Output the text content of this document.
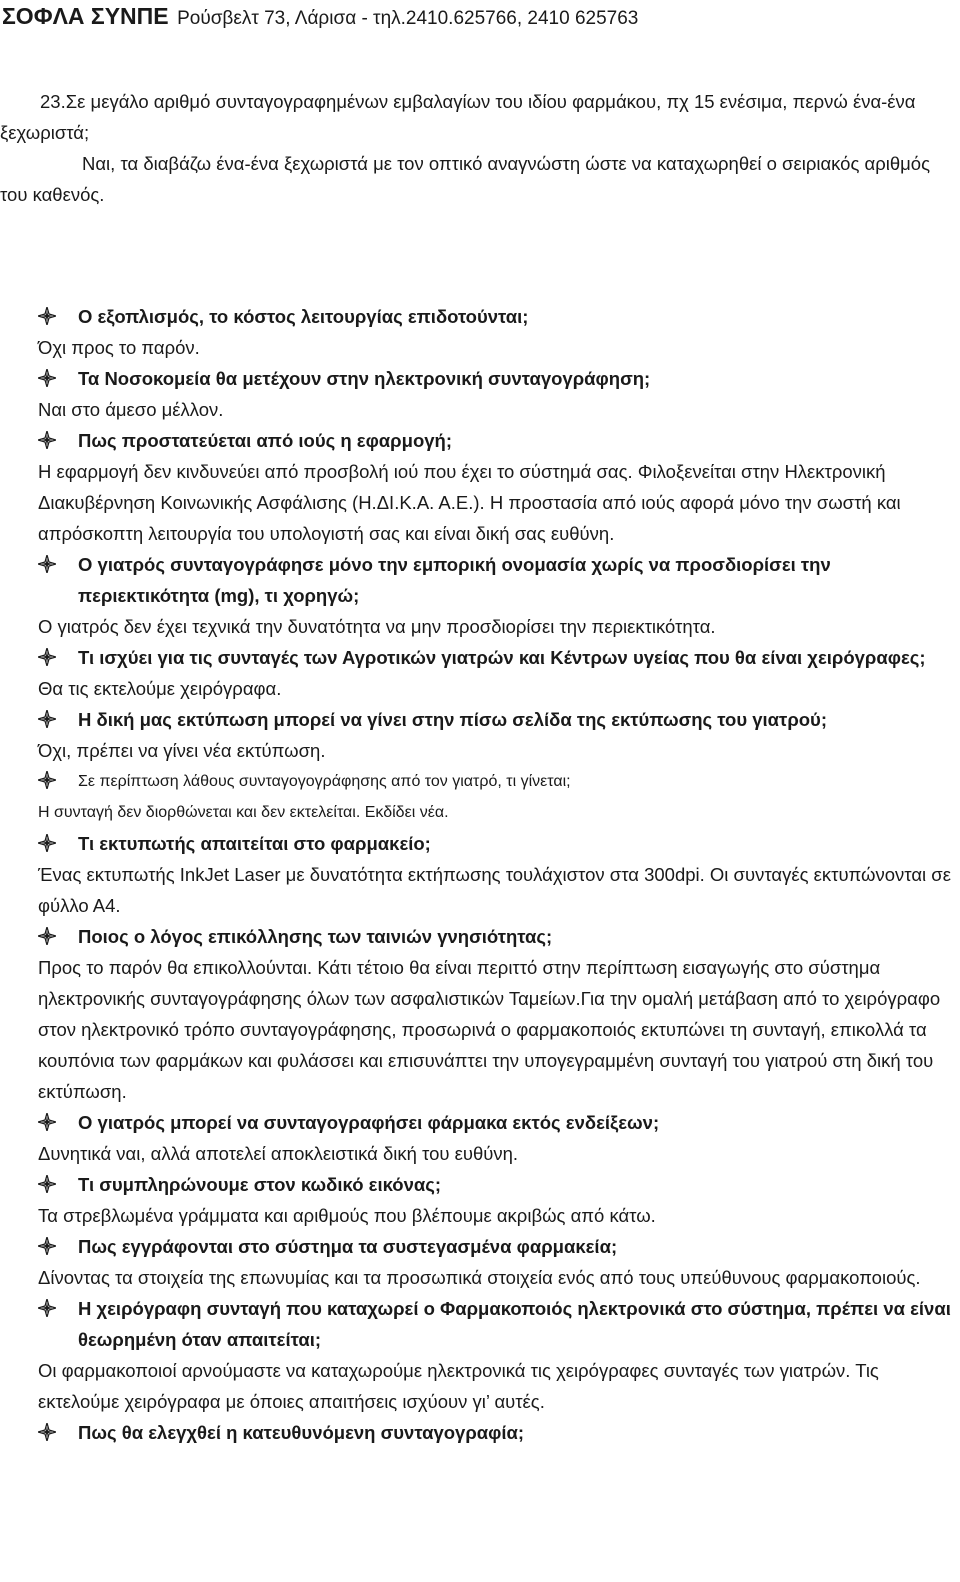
ΣΟΦΛΑ ΣΥΝΠΕ Ρούσβελτ 73, Λάρισα - τηλ.2410.625766, 2410 625763
23.Σε μεγάλο αριθμό συνταγογραφημένων εμβαλαγίων του ιδίου φαρμάκου, πχ 15 ενέσιμα, περνώ ένα-ένα ξεχωριστά;
Ναι, τα διαβάζω ένα-ένα ξεχωριστά με τον οπτικό αναγνώστη ώστε να καταχωρηθεί ο σειριακός αριθμός του καθενός.
Ο εξοπλισμός, το κόστος λειτουργίας επιδοτούνται;
Όχι προς το παρόν.
Τα Νοσοκομεία θα μετέχουν στην ηλεκτρονική συνταγογράφηση;
Ναι στο άμεσο μέλλον.
Πως προστατεύεται από ιούς η εφαρμογή;
Η εφαρμογή δεν κινδυνεύει από προσβολή ιού που έχει το σύστημά σας. Φιλοξενείται στην Ηλεκτρονική Διακυβέρνηση Κοινωνικής Ασφάλισης (Η.ΔΙ.Κ.Α. Α.Ε.). Η προστασία από ιούς αφορά μόνο την σωστή και απρόσκοπτη λειτουργία του υπολογιστή σας και είναι δική σας ευθύνη.
Ο γιατρός συνταγογράφησε μόνο την εμπορική ονομασία χωρίς να προσδιορίσει την περιεκτικότητα (mg), τι χορηγώ;
Ο γιατρός δεν έχει τεχνικά την δυνατότητα να μην προσδιορίσει την περιεκτικότητα.
Τι ισχύει για τις συνταγές των Αγροτικών γιατρών και Κέντρων υγείας που θα είναι χειρόγραφες;
Θα τις εκτελούμε χειρόγραφα.
Η δική μας εκτύπωση μπορεί να γίνει στην πίσω σελίδα της εκτύπωσης του γιατρού;
Όχι, πρέπει να γίνει νέα εκτύπωση.
Σε περίπτωση λάθους συνταγογογράφησης από τον γιατρό, τι γίνεται;
Η συνταγή δεν διορθώνεται και δεν εκτελείται. Εκδίδει νέα.
Τι εκτυπωτής απαιτείται στο φαρμακείο;
Ένας εκτυπωτής InkJet Laser με δυνατότητα εκτήπωσης τουλάχιστον στα 300dpi. Οι συνταγές εκτυπώνονται σε φύλλο Α4.
Ποιος ο λόγος επικόλλησης των ταινιών γνησιότητας;
Προς το παρόν θα επικολλούνται. Κάτι τέτοιο θα είναι περιττό στην περίπτωση εισαγωγής στο σύστημα ηλεκτρονικής συνταγογράφησης όλων των ασφαλιστικών Ταμείων.Για την ομαλή μετάβαση από το χειρόγραφο στον ηλεκτρονικό τρόπο συνταγογράφησης, προσωρινά ο φαρμακοποιός εκτυπώνει τη συνταγή, επικολλά τα κουπόνια των φαρμάκων και φυλάσσει και επισυνάπτει την υπογεγραμμένη συνταγή του γιατρού στη δική του εκτύπωση.
Ο γιατρός μπορεί να συνταγογραφήσει φάρμακα εκτός ενδείξεων;
Δυνητικά ναι, αλλά αποτελεί αποκλειστικά δική του ευθύνη.
Τι συμπληρώνουμε στον κωδικό εικόνας;
Τα στρεβλωμένα γράμματα και αριθμούς που βλέπουμε ακριβώς από κάτω.
Πως εγγράφονται στο σύστημα τα συστεγασμένα φαρμακεία;
Δίνοντας τα στοιχεία της επωνυμίας και τα προσωπικά στοιχεία ενός από τους υπεύθυνους φαρμακοποιούς.
Η χειρόγραφη συνταγή που καταχωρεί ο Φαρμακοποιός ηλεκτρονικά στο σύστημα, πρέπει να είναι θεωρημένη όταν απαιτείται;
Οι φαρμακοποιοί αρνούμαστε να καταχωρούμε ηλεκτρονικά τις χειρόγραφες συνταγές των γιατρών. Τις εκτελούμε χειρόγραφα με όποιες απαιτήσεις ισχύουν γι’ αυτές.
Πως θα ελεγχθεί η κατευθυνόμενη συνταγογραφία;
